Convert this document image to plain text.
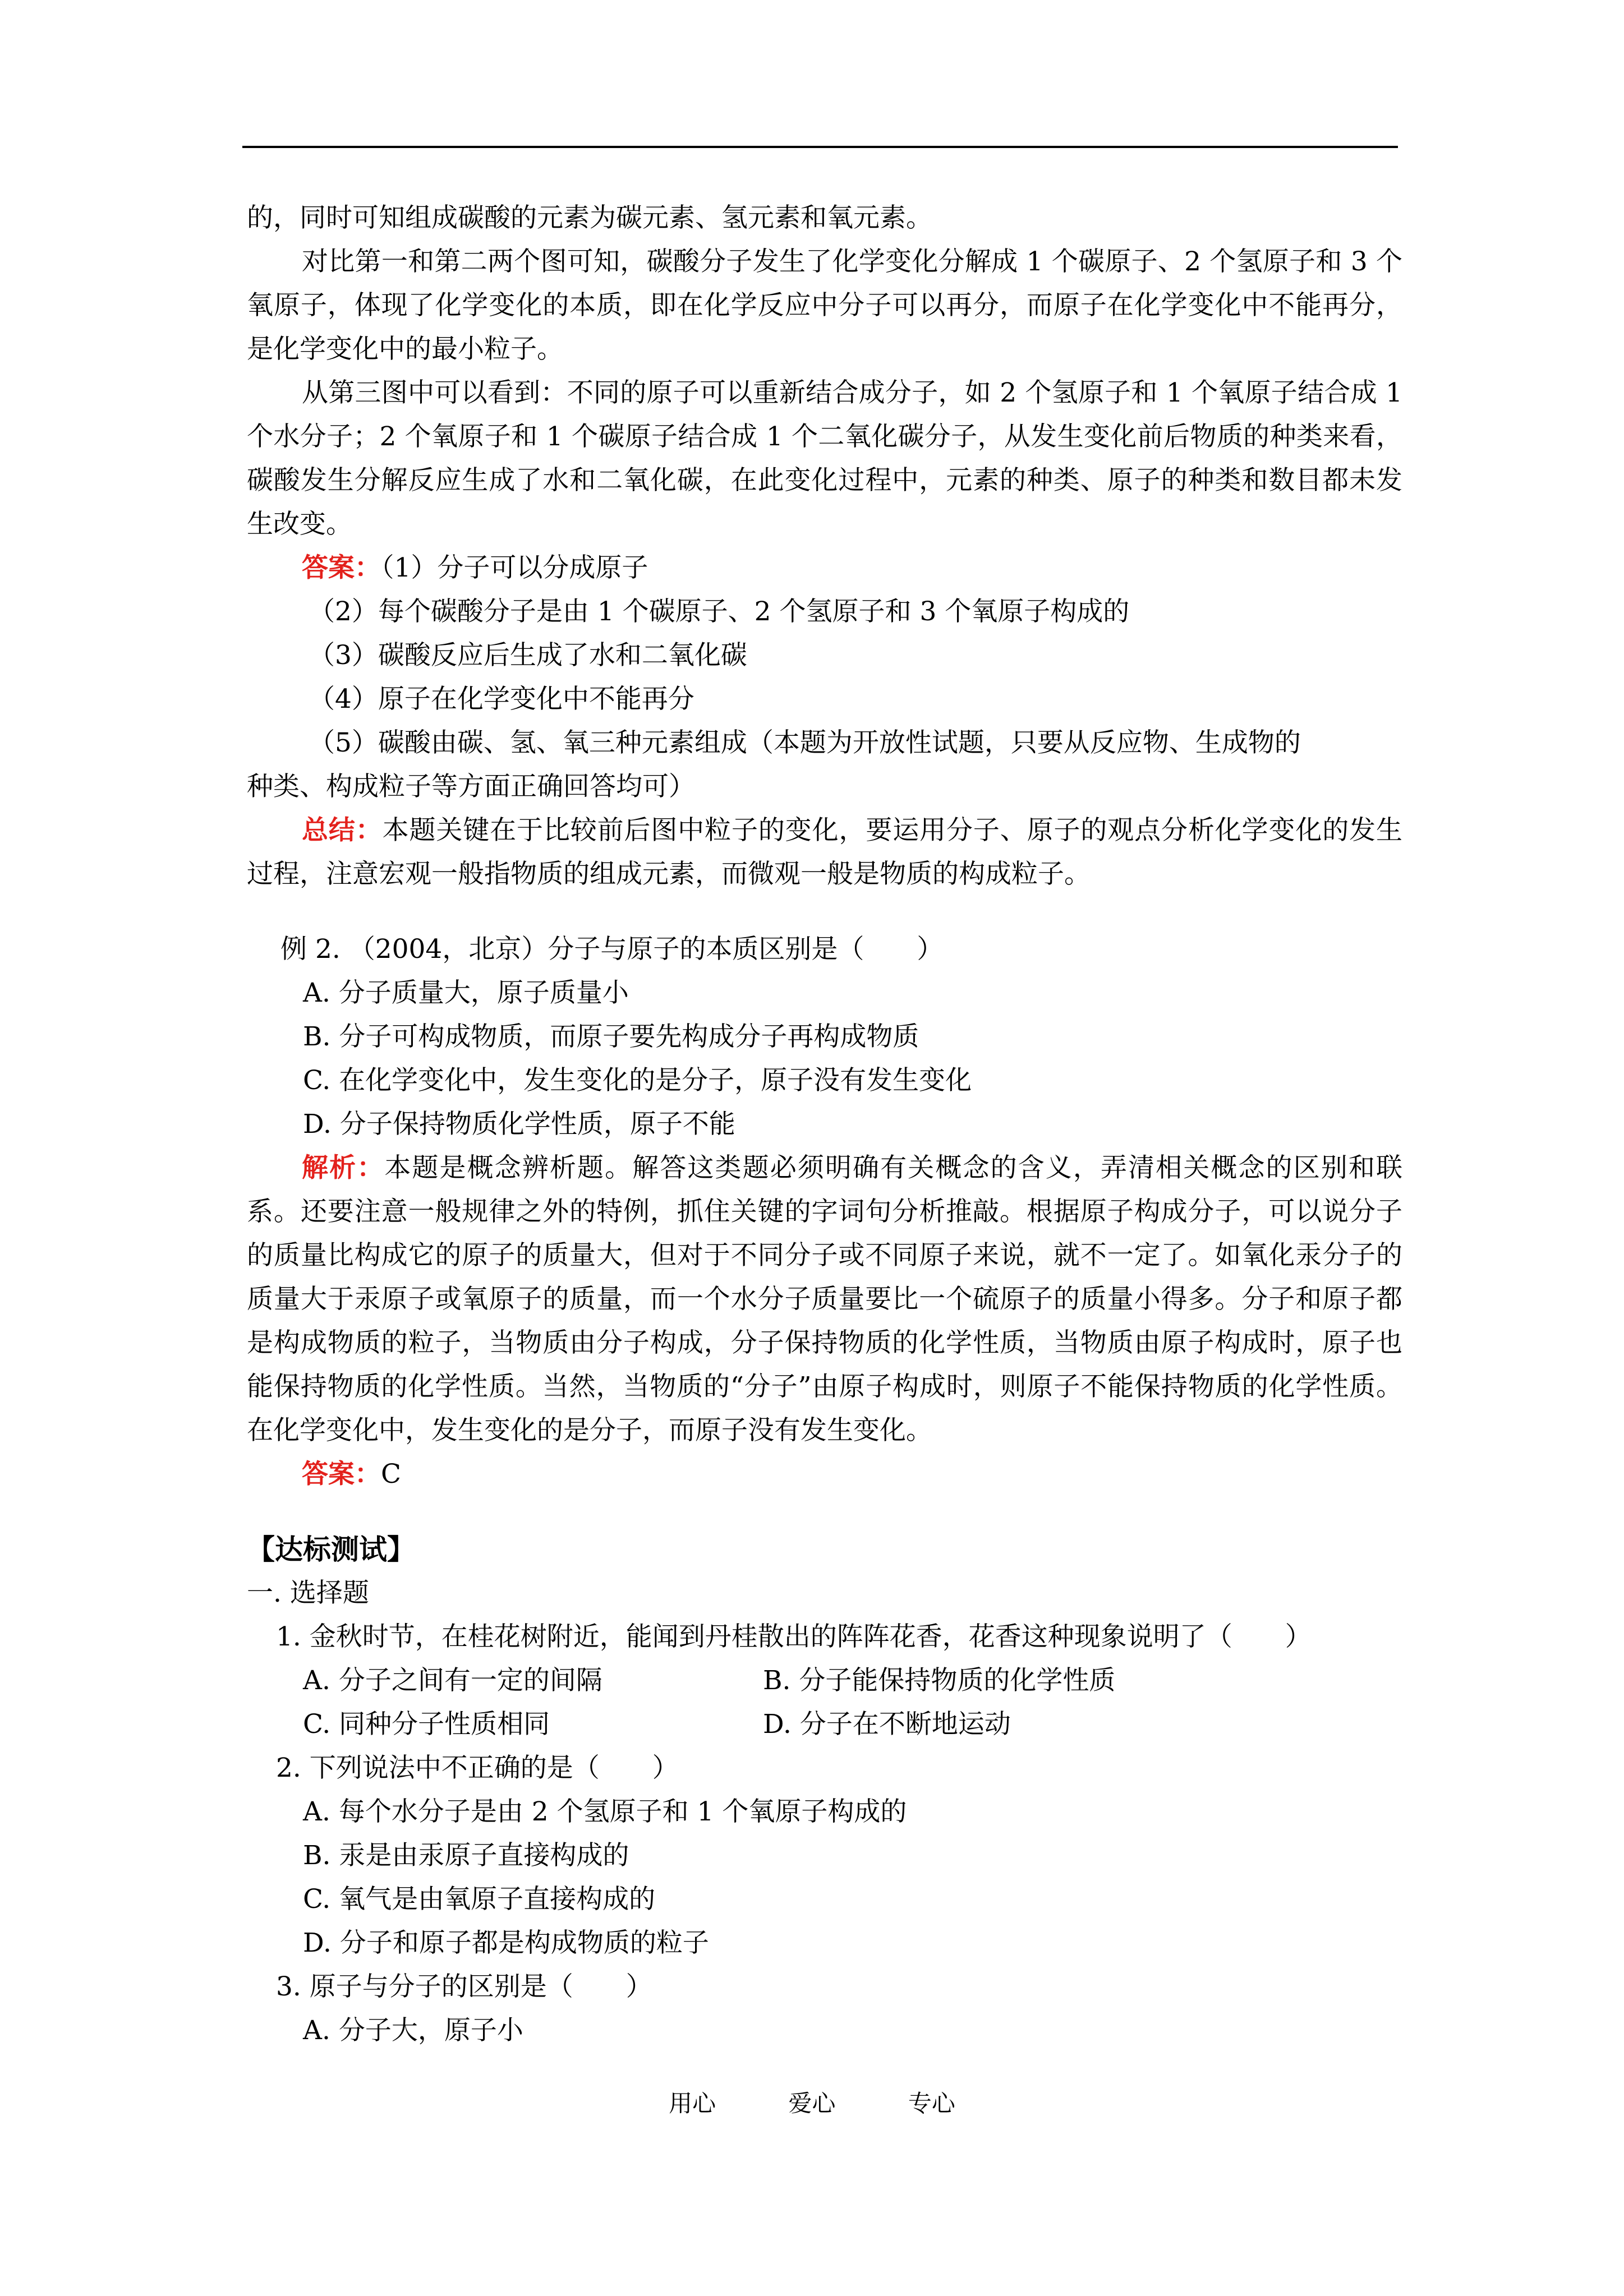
的，同时可知组成碳酸的元素为碳元素、氢元素和氧元素。

对比第一和第二两个图可知，碳酸分子发生了化学变化分解成 1 个碳原子、2 个氢原子和 3 个氧原子，体现了化学变化的本质，即在化学反应中分子可以再分，而原子在化学变化中不能再分，是化学变化中的最小粒子。

从第三图中可以看到：不同的原子可以重新结合成分子，如 2 个氢原子和 1 个氧原子结合成 1 个水分子；2 个氧原子和 1 个碳原子结合成 1 个二氧化碳分子，从发生变化前后物质的种类来看，碳酸发生分解反应生成了水和二氧化碳，在此变化过程中，元素的种类、原子的种类和数目都未发生改变。

答案：（1）分子可以分成原子

（2）每个碳酸分子是由 1 个碳原子、2 个氢原子和 3 个氧原子构成的

（3）碳酸反应后生成了水和二氧化碳

（4）原子在化学变化中不能再分

（5）碳酸由碳、氢、氧三种元素组成（本题为开放性试题，只要从反应物、生成物的

种类、构成粒子等方面正确回答均可）

总结：本题关键在于比较前后图中粒子的变化，要运用分子、原子的观点分析化学变化的发生过程，注意宏观一般指物质的组成元素，而微观一般是物质的构成粒子。

例 2. （2004，北京）分子与原子的本质区别是（　　）

A. 分子质量大，原子质量小

B. 分子可构成物质，而原子要先构成分子再构成物质

C. 在化学变化中，发生变化的是分子，原子没有发生变化

D. 分子保持物质化学性质，原子不能

解析：本题是概念辨析题。解答这类题必须明确有关概念的含义，弄清相关概念的区别和联系。还要注意一般规律之外的特例，抓住关键的字词句分析推敲。根据原子构成分子，可以说分子的质量比构成它的原子的质量大，但对于不同分子或不同原子来说，就不一定了。如氧化汞分子的质量大于汞原子或氧原子的质量，而一个水分子质量要比一个硫原子的质量小得多。分子和原子都是构成物质的粒子，当物质由分子构成，分子保持物质的化学性质，当物质由原子构成时，原子也能保持物质的化学性质。当然，当物质的“分子”由原子构成时，则原子不能保持物质的化学性质。在化学变化中，发生变化的是分子，而原子没有发生变化。

答案：C

【达标测试】

一. 选择题

1. 金秋时节，在桂花树附近，能闻到丹桂散出的阵阵花香，花香这种现象说明了（　　）

A. 分子之间有一定的间隔	B. 分子能保持物质的化学性质
C. 同种分子性质相同	D. 分子在不断地运动

2. 下列说法中不正确的是（　　）

A. 每个水分子是由 2 个氢原子和 1 个氧原子构成的

B. 汞是由汞原子直接构成的

C. 氧气是由氧原子直接构成的

D. 分子和原子都是构成物质的粒子

3. 原子与分子的区别是（　　）

A. 分子大，原子小

用心	爱心	专心
